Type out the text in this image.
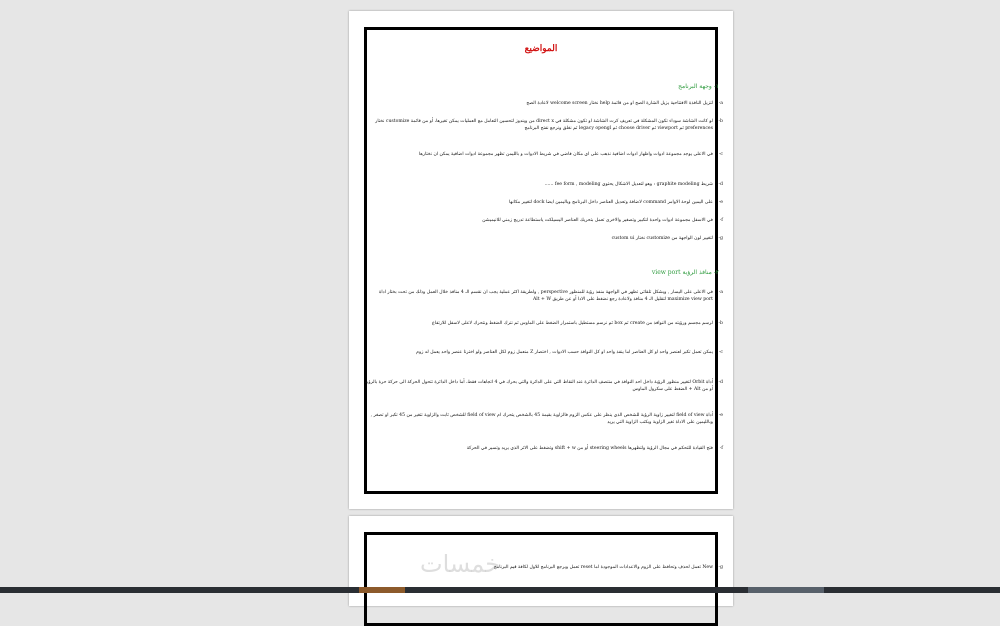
المواضيع
١- وجهة البرنامج
a-
لتزيل النافذة الافتتاحية يزيل الشارة الصح او من قائمة help نختار welcome screen لاعادة الصح
b-
لو كانت الشاشة سوداء تكون المشكلة في تعريف كرت الشاشة او تكون مشكلة في direct x من ويندوز لتحسين التعامل مع العمليات يمكن تغيرها، أو من قائمة customize نختار preferences ثم viewport ثم choose driver ثم legacy opengl ثم نغلق ونرجع نفتح البرنامج
c-
في الاعلى يوجد مجموعة ادوات واظهار ادوات اضافية نذهب على اي مكان فاضي في شريط الادوات و بالليمن تظهر مجموعة ادوات اضافية يمكن ان نختارها
d-
شريط graphite modeling : وهو لتعديل الاشكال يحتوي fee form , modeling ......
e-
على اليمين لوحة الاوامر command لاضافة وتعديل العناصر داخل البرنامج وباليمين ايضا dock لتغيير مكانها
f-
في الاسفل مجموعة ادوات واحدة لتكبير وتصغير والاخرى تعمل بتحريك العناصر اليسيلكت ياستطاعة تدريج زمني للانيميشن
g-
لتغيير لون الواجهة من customize نختار custom ui
٢- منافذ الرؤية view port
a-
في الاعلى على اليسار , ويشكل تلقائي تظهر في الواجهة منفذ رؤية للمنظور perspective , ولطريقة اكثر عملية يجب ان نقسم الـ 4 منافذ خلال العمل وذلك من تحت بختار اداة maximize view port لتقليل الـ 4 منافذ ولاعادة رجع نضغط على الادا أو عن طريق Alt + W
b-
لرسم مجسم ورؤيته من النوافذ من create ثم box ثم نرسم مستطيل باستمرار الضغط على الماوس ثم نترك الضغط ونتحرك لاعلى لاسفل للارتفاع
c-
يمكن تعمل تكبر لعنصر واحد او كل العناصر اما ينفذ واحد او كل النوافذ حسب الادوات , اختصار Z منعمل زوم لكل العناصر ولو اخترنا عنصر واحد يعمل له زوم
d-
أداة Orbit لتغيير منظور الرؤية داخل احد النوافذ في منتصف الدائرة عند النقاط التي على الدائرة والتي بحرك في 4 اتجاهات فقط، أما داخل الدائرة تتحول الحركة الى حركة حرة بالرؤية أو من Alt + الضغط على سكرول الماوس
e-
أداة field of view لتغيير زاوية الرؤية للشخص الذي ينظر على عكس الزوم فالزاوية بقيمة 45 بالشخص يتحرك ام field of view للشخص ثابت والزاوية تتغير من 45 تكبر او تصغر , وبالليمين على الاداة تغير الزاوية وبكتب الزاوية التي يريد
f-
فتح القيادة للتحكم في مجال الرؤية ولتظهرها steering wheels أو من shift + w وتضغط على الاثر الذي يريد وتسير في الحركة
g-
New تعمل لحذف وتحافظ على الزوم والاعدادات الموجودة اما reset تعمل ويرجع البرنامج للاول لكافة قيم البرنامج
خمسات
